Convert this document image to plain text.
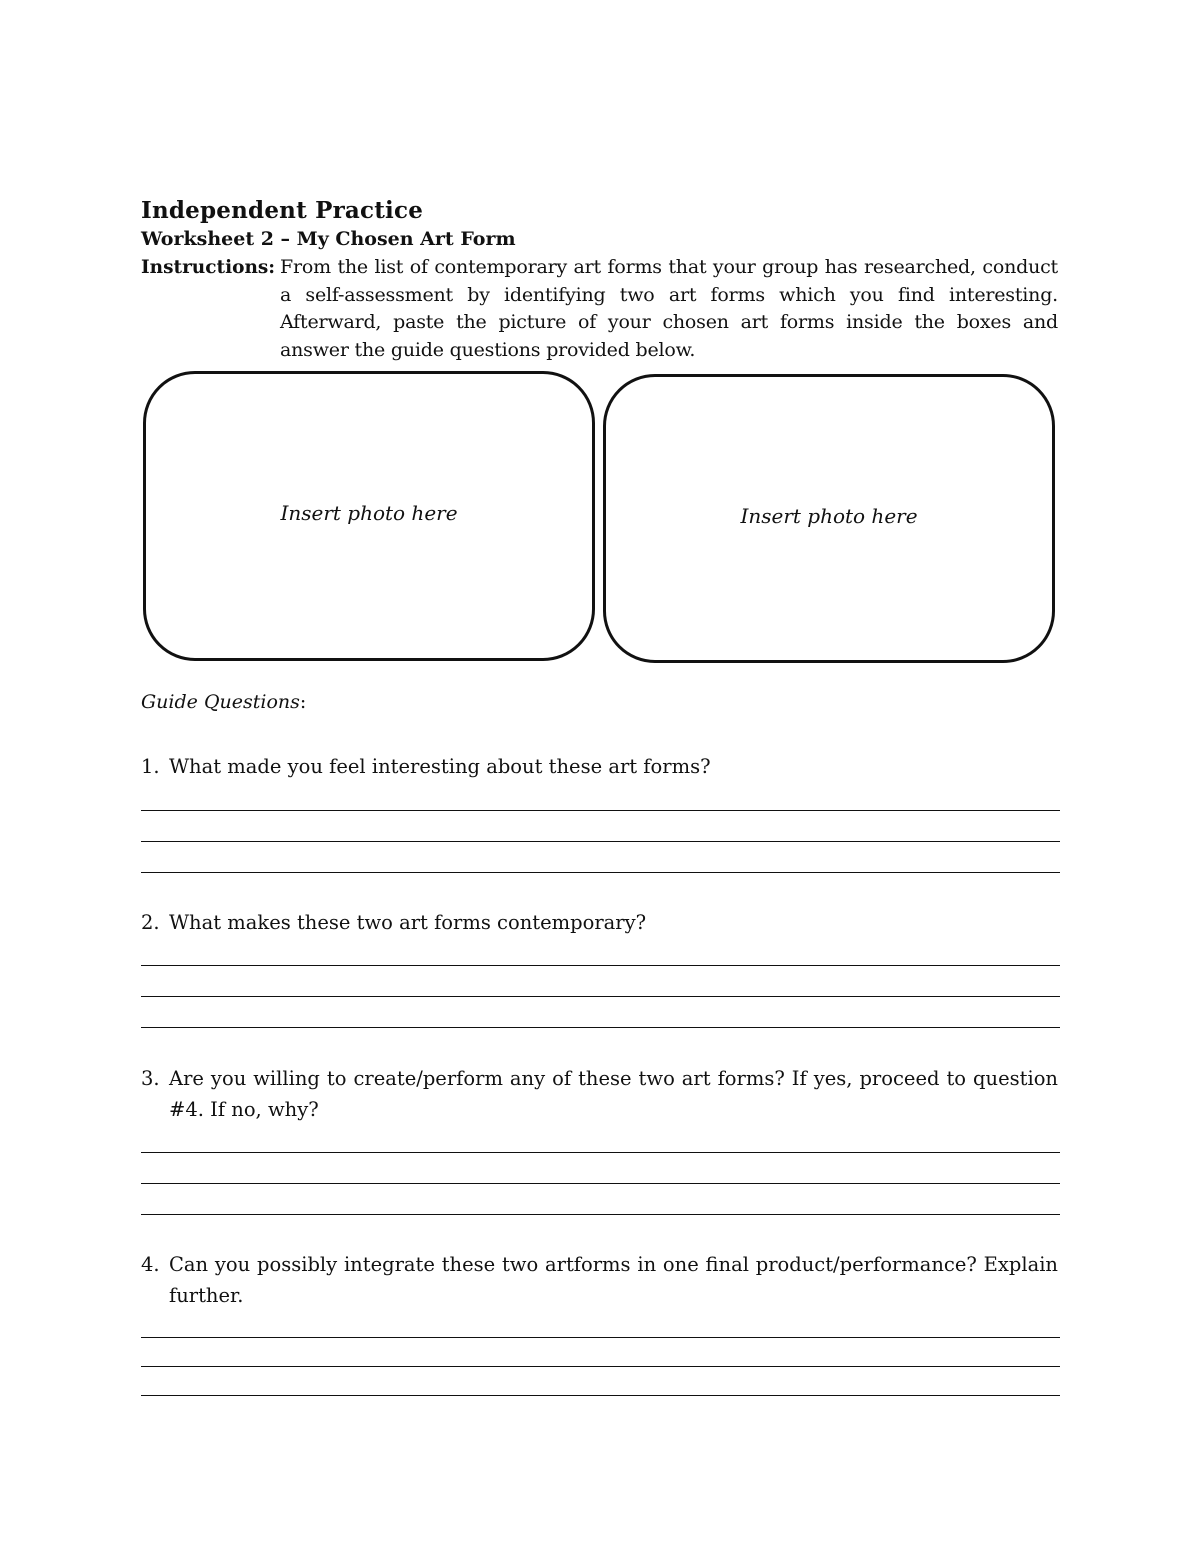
Independent Practice
Worksheet 2 – My Chosen Art Form
Instructions: From the list of contemporary art forms that your group has researched, conduct a self-assessment by identifying two art forms which you find interesting. Afterward, paste the picture of your chosen art forms inside the boxes and answer the guide questions provided below.
Insert photo here	Insert photo here
Guide Questions:
1. What made you feel interesting about these art forms?
2. What makes these two art forms contemporary?
3. Are you willing to create/perform any of these two art forms? If yes, proceed to question #4. If no, why?
4. Can you possibly integrate these two artforms in one final product/performance? Explain further.
